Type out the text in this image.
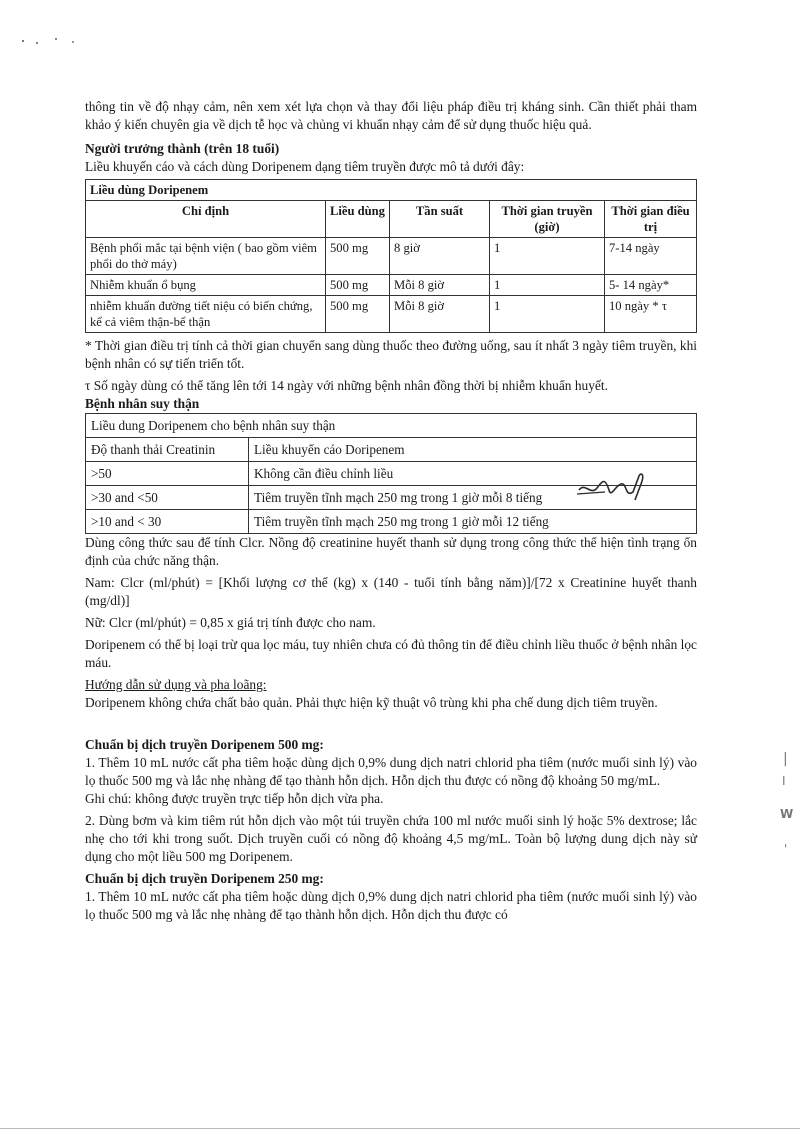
thông tin về độ nhạy cảm, nên xem xét lựa chọn và thay đổi liệu pháp điều trị kháng sinh. Cần thiết phải tham khảo ý kiến chuyên gia về dịch tễ học và chủng vi khuẩn nhạy cảm để sử dụng thuốc hiệu quả.

Người trưởng thành (trên 18 tuổi)

Liều khuyến cáo và cách dùng Doripenem dạng tiêm truyền được mô tả dưới đây:

Liều dùng Doripenem				
Chỉ định	Liều dùng	Tần suất	Thời gian truyền (giờ)	Thời gian điều trị
Bệnh phổi mắc tại bệnh viện ( bao gồm viêm phổi do thở máy)	500 mg	8 giờ	1	7-14 ngày
Nhiễm khuẩn ổ bụng	500 mg	Mỗi 8 giờ	1	5- 14 ngày*
nhiễm khuẩn đường tiết niệu có biến chứng, kể cả viêm thận-bể thận	500 mg	Mỗi 8 giờ	1	10 ngày * τ

* Thời gian điều trị tính cả thời gian chuyển sang dùng thuốc theo đường uống, sau ít nhất 3 ngày tiêm truyền, khi bệnh nhân có sự tiến triển tốt.

τ Số ngày dùng có thể tăng lên tới 14 ngày với những bệnh nhân đồng thời bị nhiễm khuẩn huyết.

Bệnh nhân suy thận

Liều dung Doripenem cho bệnh nhân suy thận	
Độ thanh thải Creatinin	Liều khuyến cáo Doripenem
>50	Không cần điều chỉnh liều
>30 and <50	Tiêm truyền tĩnh mạch 250 mg trong 1 giờ mỗi 8 tiếng
>10 and < 30	Tiêm truyền tĩnh mạch 250 mg trong 1 giờ mỗi 12 tiếng

Dùng công thức sau để tính Clcr. Nồng độ creatinine huyết thanh sử dụng trong công thức thể hiện tình trạng ổn định của chức năng thận.

Nam: Clcr (ml/phút) = [Khối lượng cơ thể (kg) x (140 - tuổi tính bằng năm)]/[72 x Creatinine huyết thanh (mg/dl)]

Nữ: Clcr (ml/phút) = 0,85 x giá trị tính được cho nam.

Doripenem có thể bị loại trừ qua lọc máu, tuy nhiên chưa có đủ thông tin để điều chỉnh liều thuốc ở bệnh nhân lọc máu.

Hướng dẫn sử dụng và pha loãng:

Doripenem không chứa chất bảo quản. Phải thực hiện kỹ thuật vô trùng khi pha chế dung dịch tiêm truyền.

Chuẩn bị dịch truyền Doripenem 500 mg:

1. Thêm 10 mL nước cất pha tiêm hoặc dùng dịch 0,9% dung dịch natri chlorid pha tiêm (nước muối sinh lý) vào lọ thuốc 500 mg và lắc nhẹ nhàng để tạo thành hỗn dịch. Hỗn dịch thu được có nồng độ khoảng 50 mg/mL.

Ghi chú: không được truyền trực tiếp hỗn dịch vừa pha.

2. Dùng bơm và kim tiêm rút hỗn dịch vào một túi truyền chứa 100 ml nước muối sinh lý hoặc 5% dextrose; lắc nhẹ cho tới khi trong suốt. Dịch truyền cuối có nồng độ khoảng 4,5 mg/mL. Toàn bộ lượng dung dịch này sử dụng cho một liều 500 mg Doripenem.

Chuẩn bị dịch truyền Doripenem 250 mg:

1. Thêm 10 mL nước cất pha tiêm hoặc dùng dịch 0,9% dung dịch natri chlorid pha tiêm (nước muối sinh lý) vào lọ thuốc 500 mg và lắc nhẹ nhàng để tạo thành hỗn dịch. Hỗn dịch thu được có

|
Ⅰ
W
'
